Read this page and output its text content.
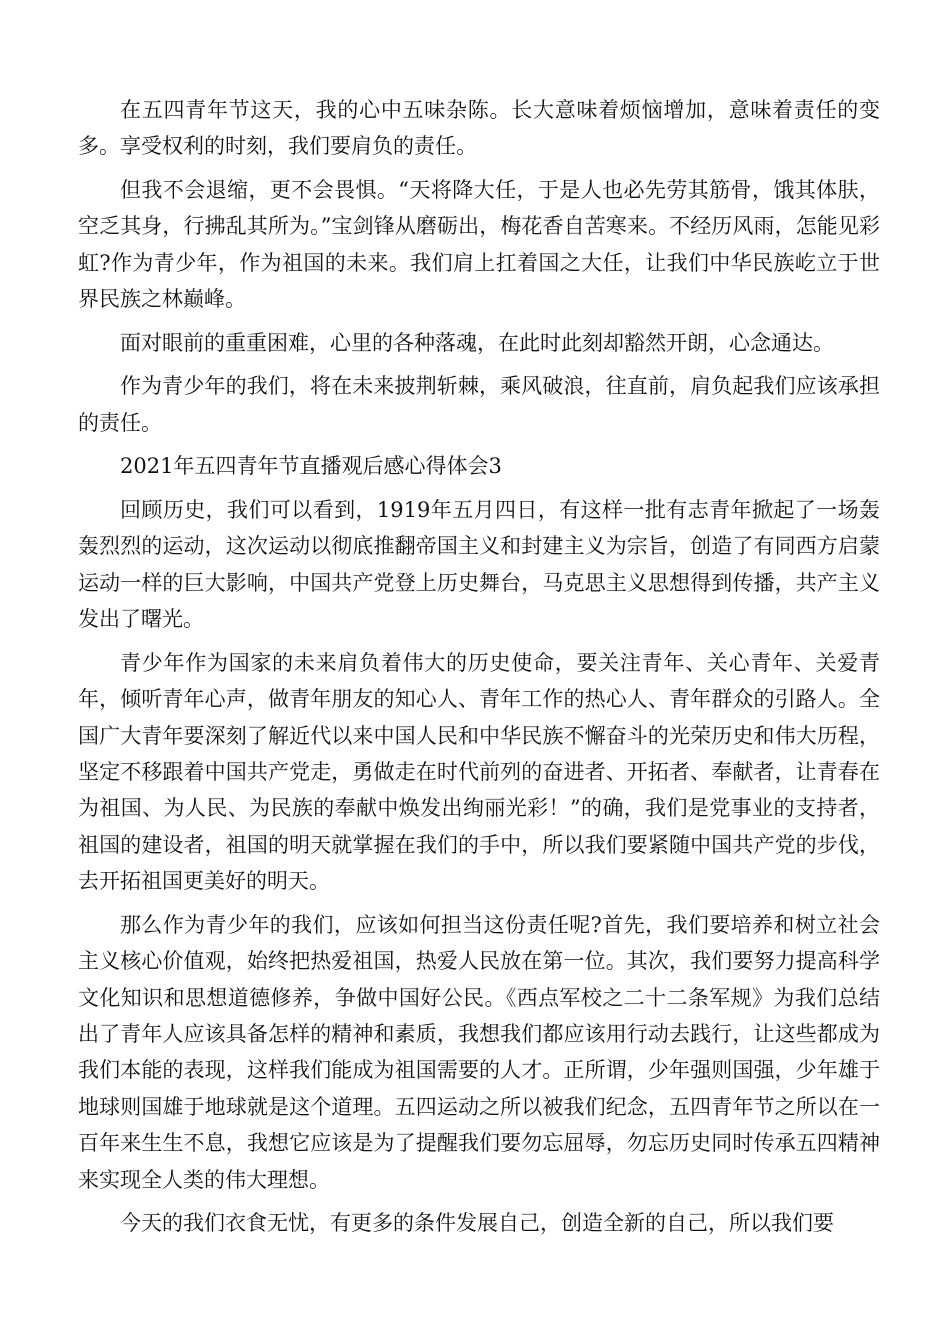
在五四青年节这天，我的心中五味杂陈。长大意味着烦恼增加，意味着责任的变多。享受权利的时刻，我们要肩负的责任。

但我不会退缩，更不会畏惧。“天将降大任，于是人也必先劳其筋骨，饿其体肤，空乏其身，行拂乱其所为。”宝剑锋从磨砺出，梅花香自苦寒来。不经历风雨，怎能见彩虹?作为青少年，作为祖国的未来。我们肩上扛着国之大任，让我们中华民族屹立于世界民族之林巅峰。

面对眼前的重重困难，心里的各种落魂，在此时此刻却豁然开朗，心念通达。

作为青少年的我们，将在未来披荆斩棘，乘风破浪，往直前，肩负起我们应该承担的责任。

2021年五四青年节直播观后感心得体会3

回顾历史，我们可以看到，1919年五月四日，有这样一批有志青年掀起了一场轰轰烈烈的运动，这次运动以彻底推翻帝国主义和封建主义为宗旨，创造了有同西方启蒙运动一样的巨大影响，中国共产党登上历史舞台，马克思主义思想得到传播，共产主义发出了曙光。

青少年作为国家的未来肩负着伟大的历史使命，要关注青年、关心青年、关爱青年，倾听青年心声，做青年朋友的知心人、青年工作的热心人、青年群众的引路人。全国广大青年要深刻了解近代以来中国人民和中华民族不懈奋斗的光荣历史和伟大历程，坚定不移跟着中国共产党走，勇做走在时代前列的奋进者、开拓者、奉献者，让青春在为祖国、为人民、为民族的奉献中焕发出绚丽光彩！”的确，我们是党事业的支持者，祖国的建设者，祖国的明天就掌握在我们的手中，所以我们要紧随中国共产党的步伐，去开拓祖国更美好的明天。

那么作为青少年的我们，应该如何担当这份责任呢?首先，我们要培养和树立社会主义核心价值观，始终把热爱祖国，热爱人民放在第一位。其次，我们要努力提高科学文化知识和思想道德修养，争做中国好公民。《西点军校之二十二条军规》为我们总结出了青年人应该具备怎样的精神和素质，我想我们都应该用行动去践行，让这些都成为我们本能的表现，这样我们能成为祖国需要的人才。正所谓，少年强则国强，少年雄于地球则国雄于地球就是这个道理。五四运动之所以被我们纪念，五四青年节之所以在一百年来生生不息，我想它应该是为了提醒我们要勿忘屈辱，勿忘历史同时传承五四精神来实现全人类的伟大理想。

今天的我们衣食无忧，有更多的条件发展自己，创造全新的自己，所以我们要
